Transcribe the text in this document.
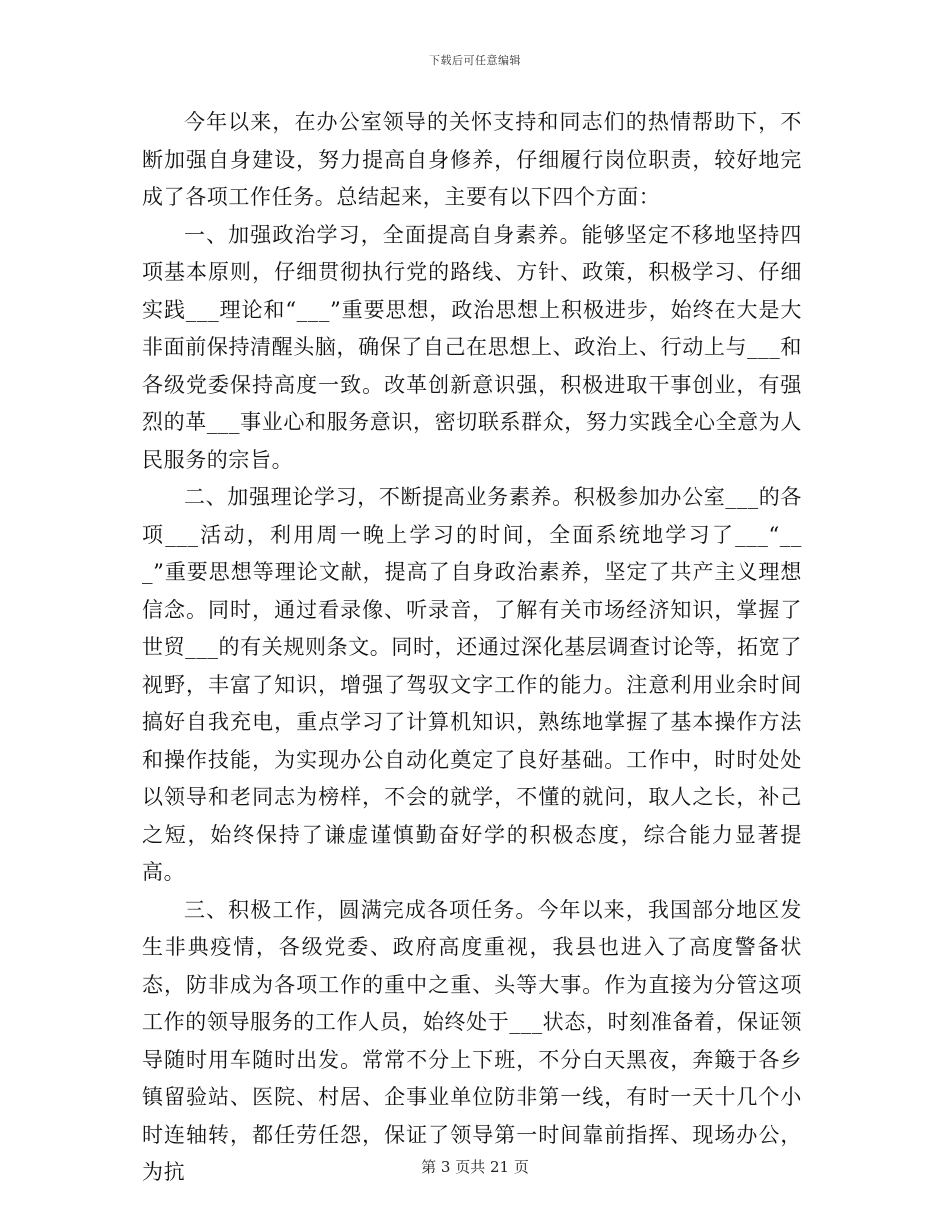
下载后可任意编辑

今年以来，在办公室领导的关怀支持和同志们的热情帮助下，不断加强自身建设，努力提高自身修养，仔细履行岗位职责，较好地完成了各项工作任务。总结起来，主要有以下四个方面：

一、加强政治学习，全面提高自身素养。能够坚定不移地坚持四项基本原则，仔细贯彻执行党的路线、方针、政策，积极学习、仔细实践___理论和“___”重要思想，政治思想上积极进步，始终在大是大非面前保持清醒头脑，确保了自己在思想上、政治上、行动上与___和各级党委保持高度一致。改革创新意识强，积极进取干事创业，有强烈的革___事业心和服务意识，密切联系群众，努力实践全心全意为人民服务的宗旨。

二、加强理论学习，不断提高业务素养。积极参加办公室___的各项___活动，利用周一晚上学习的时间，全面系统地学习了___“___”重要思想等理论文献，提高了自身政治素养，坚定了共产主义理想信念。同时，通过看录像、听录音，了解有关市场经济知识，掌握了世贸___的有关规则条文。同时，还通过深化基层调查讨论等，拓宽了视野，丰富了知识，增强了驾驭文字工作的能力。注意利用业余时间搞好自我充电，重点学习了计算机知识，熟练地掌握了基本操作方法和操作技能，为实现办公自动化奠定了良好基础。工作中，时时处处以领导和老同志为榜样，不会的就学，不懂的就问，取人之长，补己之短，始终保持了谦虚谨慎勤奋好学的积极态度，综合能力显著提高。

三、积极工作，圆满完成各项任务。今年以来，我国部分地区发生非典疫情，各级党委、政府高度重视，我县也进入了高度警备状态，防非成为各项工作的重中之重、头等大事。作为直接为分管这项工作的领导服务的工作人员，始终处于___状态，时刻准备着，保证领导随时用车随时出发。常常不分上下班，不分白天黑夜，奔簸于各乡镇留验站、医院、村居、企事业单位防非第一线，有时一天十几个小时连轴转，都任劳任怨，保证了领导第一时间靠前指挥、现场办公，为抗	第 3 页共 21 页
